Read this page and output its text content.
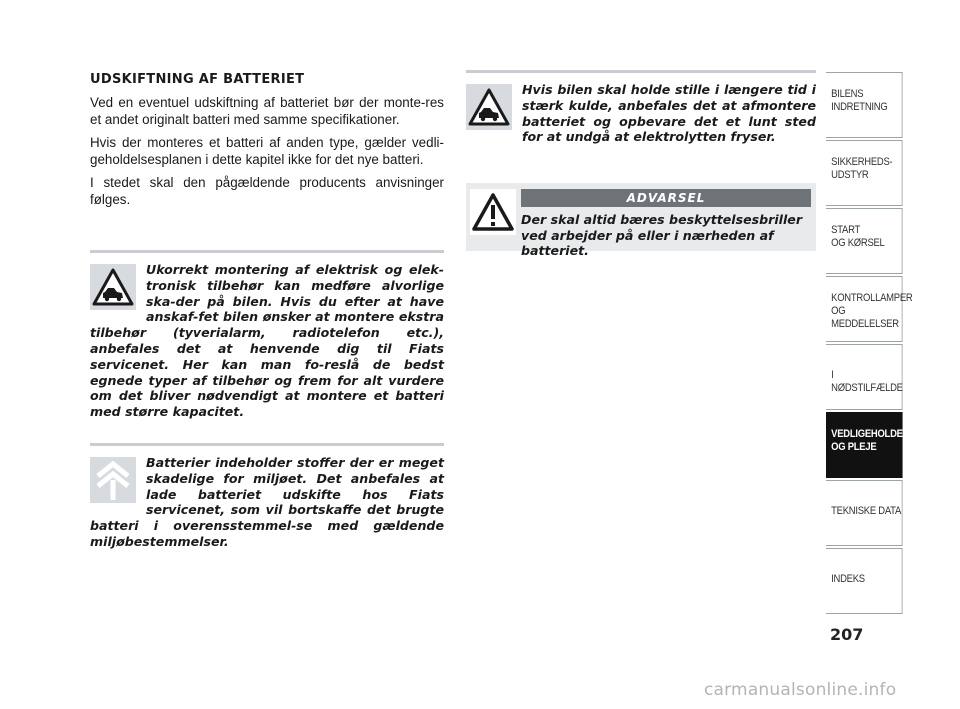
UDSKIFTNING AF BATTERIET

Ved en eventuel udskiftning af batteriet bør der monte-res et andet originalt batteri med samme specifikationer.

Hvis der monteres et batteri af anden type, gælder vedli-geholdelsesplanen i dette kapitel ikke for det nye batteri.

I stedet skal den pågældende producents anvisninger følges.

Ukorrekt montering af elektrisk og elek-tronisk tilbehør kan medføre alvorlige ska-der på bilen. Hvis du efter at have anskaf-fet bilen ønsker at montere ekstra tilbehør (tyverialarm, radiotelefon etc.), anbefales det at henvende dig til Fiats servicenet. Her kan man fo-reslå de bedst egnede typer af tilbehør og frem for alt vurdere om det bliver nødvendigt at montere et batteri med større kapacitet.
Batterier indeholder stoffer der er meget skadelige for miljøet. Det anbefales at lade batteriet udskifte hos Fiats servicenet, som vil bortskaffe det brugte batteri i overensstemmel-se med gældende miljøbestemmelser.
Hvis bilen skal holde stille i længere tid i stærk kulde, anbefales det at afmontere batteriet og opbevare det et lunt sted for at undgå at elektrolytten fryser.
ADVARSEL
Der skal altid bæres beskyttelsesbriller ved arbejder på eller i nærheden af batteriet.
BILENS
INDRETNING
SIKKERHEDS-
UDSTYR
START
OG KØRSEL
KONTROLLAMPER
OG MEDDELELSER
I NØDSTILFÆLDE
VEDLIGEHOLDELSE
OG PLEJE
TEKNISKE DATA
INDEKS
207
carmanualsonline.info
